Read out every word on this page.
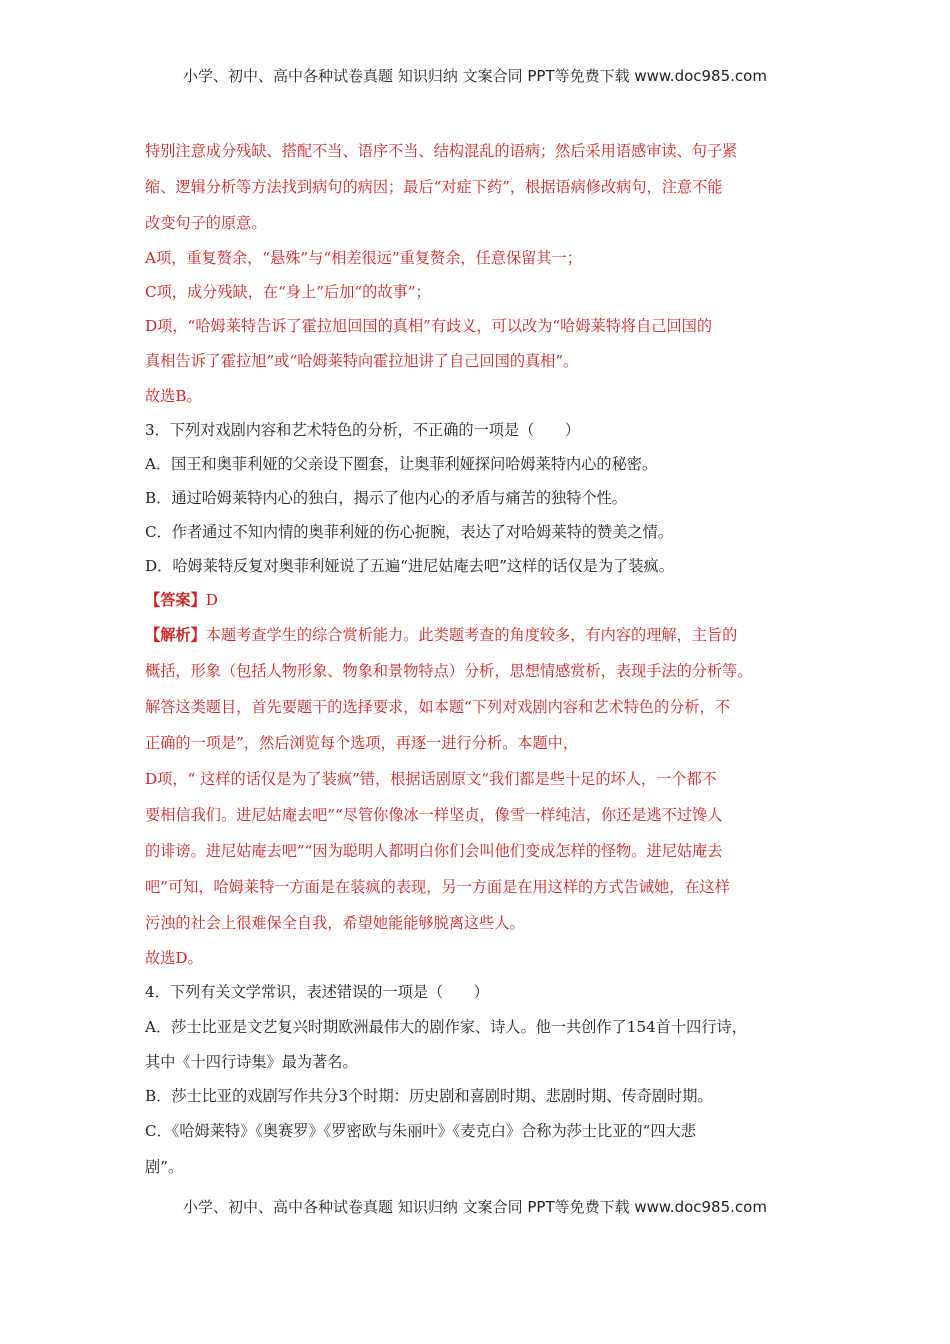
小学、初中、高中各种试卷真题 知识归纳 文案合同 PPT等免费下载 www.doc985.com
特别注意成分残缺、搭配不当、语序不当、结构混乱的语病；然后采用语感审读、句子紧
缩、逻辑分析等方法找到病句的病因；最后“对症下药”，根据语病修改病句，注意不能
改变句子的原意。
A项，重复赘余，“悬殊”与“相差很远”重复赘余，任意保留其一；
C项，成分残缺，在“身上”后加“的故事”；
D项，“哈姆莱特告诉了霍拉旭回国的真相”有歧义，可以改为“哈姆莱特将自己回国的
真相告诉了霍拉旭”或“哈姆莱特向霍拉旭讲了自己回国的真相”。
故选B。
3．下列对戏剧内容和艺术特色的分析，不正确的一项是（　　）
A．国王和奥菲利娅的父亲设下圈套，让奥菲利娅探问哈姆莱特内心的秘密。
B．通过哈姆莱特内心的独白，揭示了他内心的矛盾与痛苦的独特个性。
C．作者通过不知内情的奥菲利娅的伤心扼腕，表达了对哈姆莱特的赞美之情。
D．哈姆莱特反复对奥菲利娅说了五遍“进尼姑庵去吧”这样的话仅是为了装疯。
【答案】D
【解析】本题考查学生的综合赏析能力。此类题考查的角度较多，有内容的理解，主旨的
概括，形象（包括人物形象、物象和景物特点）分析，思想情感赏析，表现手法的分析等。
解答这类题目，首先要题干的选择要求，如本题“下列对戏剧内容和艺术特色的分析，不
正确的一项是”，然后浏览每个选项，再逐一进行分析。本题中，
D项，“ 这样的话仅是为了装疯”错，根据话剧原文“我们都是些十足的坏人，一个都不
要相信我们。进尼姑庵去吧”“尽管你像冰一样坚贞，像雪一样纯洁，你还是逃不过馋人
的诽谤。进尼姑庵去吧”“因为聪明人都明白你们会叫他们变成怎样的怪物。进尼姑庵去
吧”可知，哈姆莱特一方面是在装疯的表现，另一方面是在用这样的方式告诫她，在这样
污浊的社会上很难保全自我，希望她能能够脱离这些人。
故选D。
4．下列有关文学常识，表述错误的一项是（　　）
A．莎士比亚是文艺复兴时期欧洲最伟大的剧作家、诗人。他一共创作了154首十四行诗，
其中《十四行诗集》最为著名。
B．莎士比亚的戏剧写作共分3个时期：历史剧和喜剧时期、悲剧时期、传奇剧时期。
C．《哈姆莱特》《奥赛罗》《罗密欧与朱丽叶》《麦克白》合称为莎士比亚的“四大悲
剧”。
小学、初中、高中各种试卷真题 知识归纳 文案合同 PPT等免费下载 www.doc985.com
